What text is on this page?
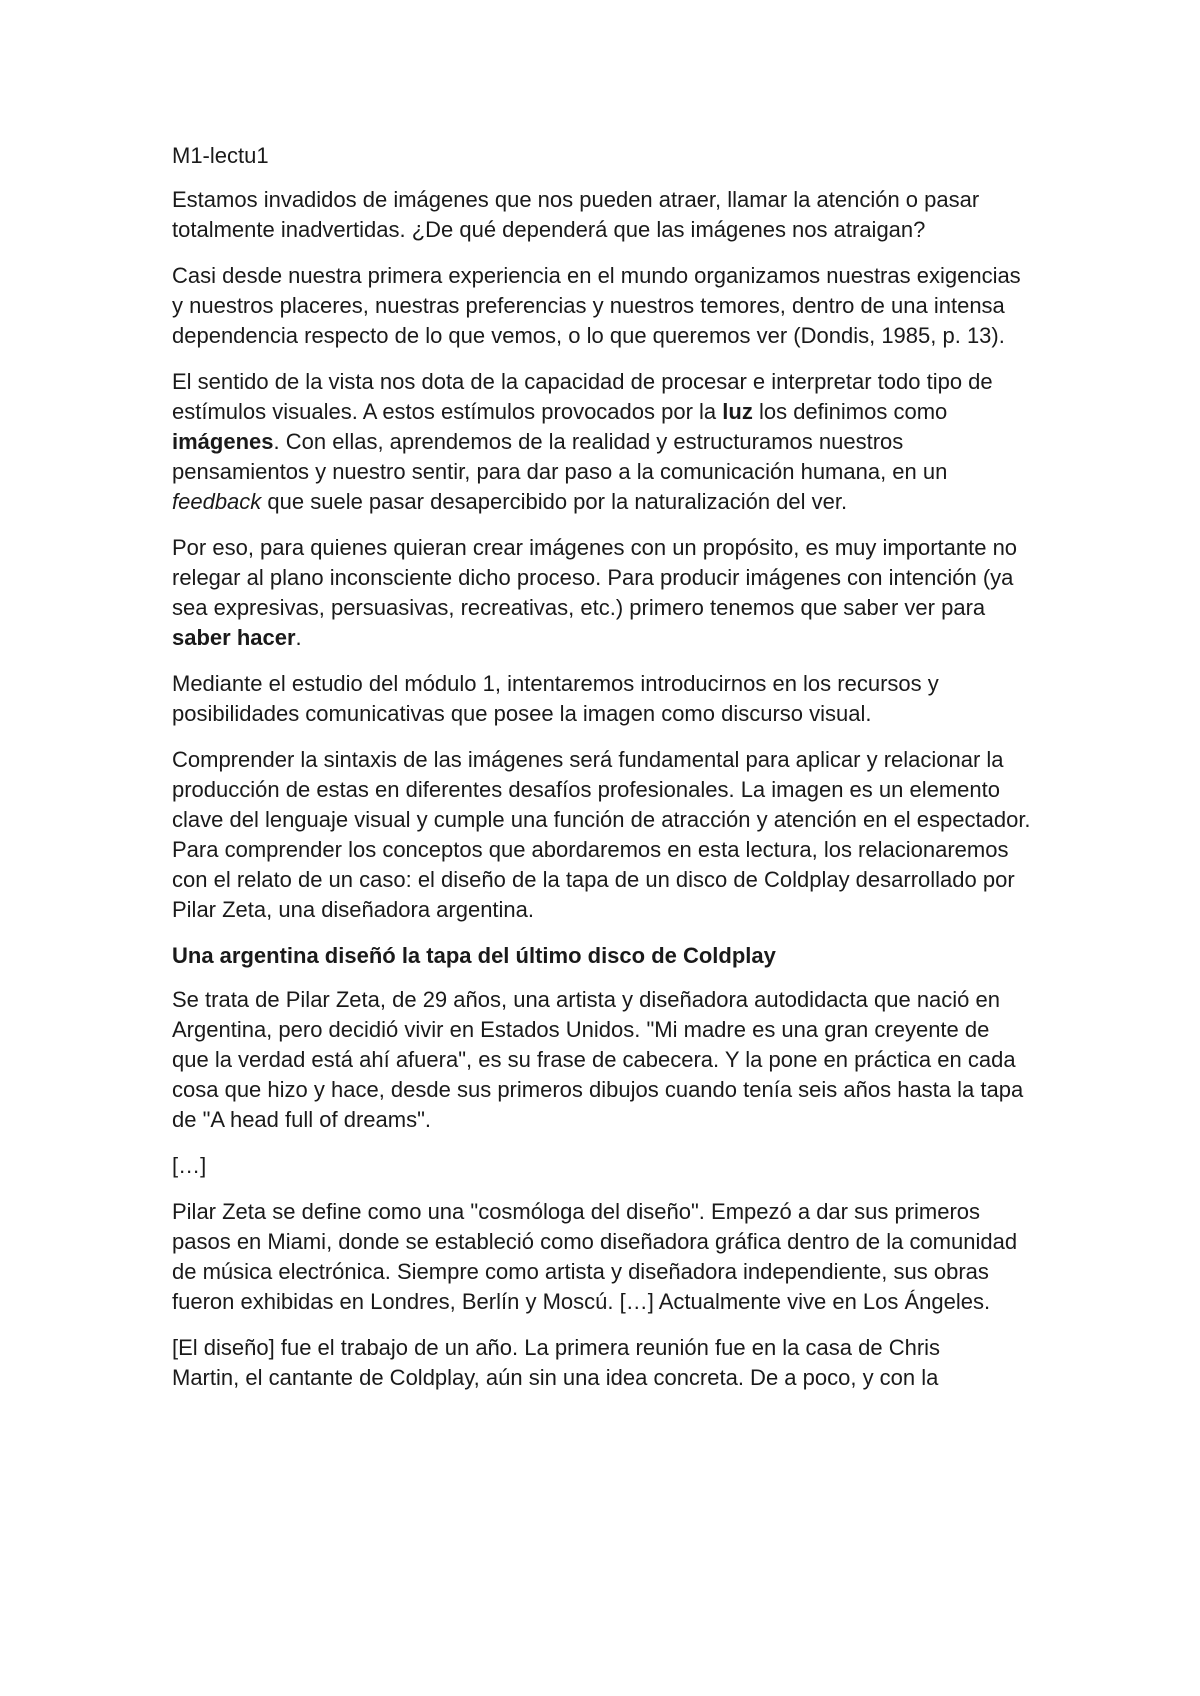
M1-lectu1

Estamos invadidos de imágenes que nos pueden atraer, llamar la atención o pasar totalmente inadvertidas. ¿De qué dependerá que las imágenes nos atraigan?

Casi desde nuestra primera experiencia en el mundo organizamos nuestras exigencias y nuestros placeres, nuestras preferencias y nuestros temores, dentro de una intensa dependencia respecto de lo que vemos, o lo que queremos ver (Dondis, 1985, p. 13).

El sentido de la vista nos dota de la capacidad de procesar e interpretar todo tipo de estímulos visuales. A estos estímulos provocados por la luz los definimos como imágenes. Con ellas, aprendemos de la realidad y estructuramos nuestros pensamientos y nuestro sentir, para dar paso a la comunicación humana, en un feedback que suele pasar desapercibido por la naturalización del ver.

Por eso, para quienes quieran crear imágenes con un propósito, es muy importante no relegar al plano inconsciente dicho proceso. Para producir imágenes con intención (ya sea expresivas, persuasivas, recreativas, etc.) primero tenemos que saber ver para saber hacer.

Mediante el estudio del módulo 1, intentaremos introducirnos en los recursos y posibilidades comunicativas que posee la imagen como discurso visual.

Comprender la sintaxis de las imágenes será fundamental para aplicar y relacionar la producción de estas en diferentes desafíos profesionales. La imagen es un elemento clave del lenguaje visual y cumple una función de atracción y atención en el espectador. Para comprender los conceptos que abordaremos en esta lectura, los relacionaremos con el relato de un caso: el diseño de la tapa de un disco de Coldplay desarrollado por Pilar Zeta, una diseñadora argentina.

Una argentina diseñó la tapa del último disco de Coldplay

Se trata de Pilar Zeta, de 29 años, una artista y diseñadora autodidacta que nació en Argentina, pero decidió vivir en Estados Unidos. "Mi madre es una gran creyente de que la verdad está ahí afuera", es su frase de cabecera. Y la pone en práctica en cada cosa que hizo y hace, desde sus primeros dibujos cuando tenía seis años hasta la tapa de "A head full of dreams".

[…]

Pilar Zeta se define como una "cosmóloga del diseño". Empezó a dar sus primeros pasos en Miami, donde se estableció como diseñadora gráfica dentro de la comunidad de música electrónica. Siempre como artista y diseñadora independiente, sus obras fueron exhibidas en Londres, Berlín y Moscú. […] Actualmente vive en Los Ángeles.

[El diseño] fue el trabajo de un año. La primera reunión fue en la casa de Chris
Martin, el cantante de Coldplay, aún sin una idea concreta. De a poco, y con la
